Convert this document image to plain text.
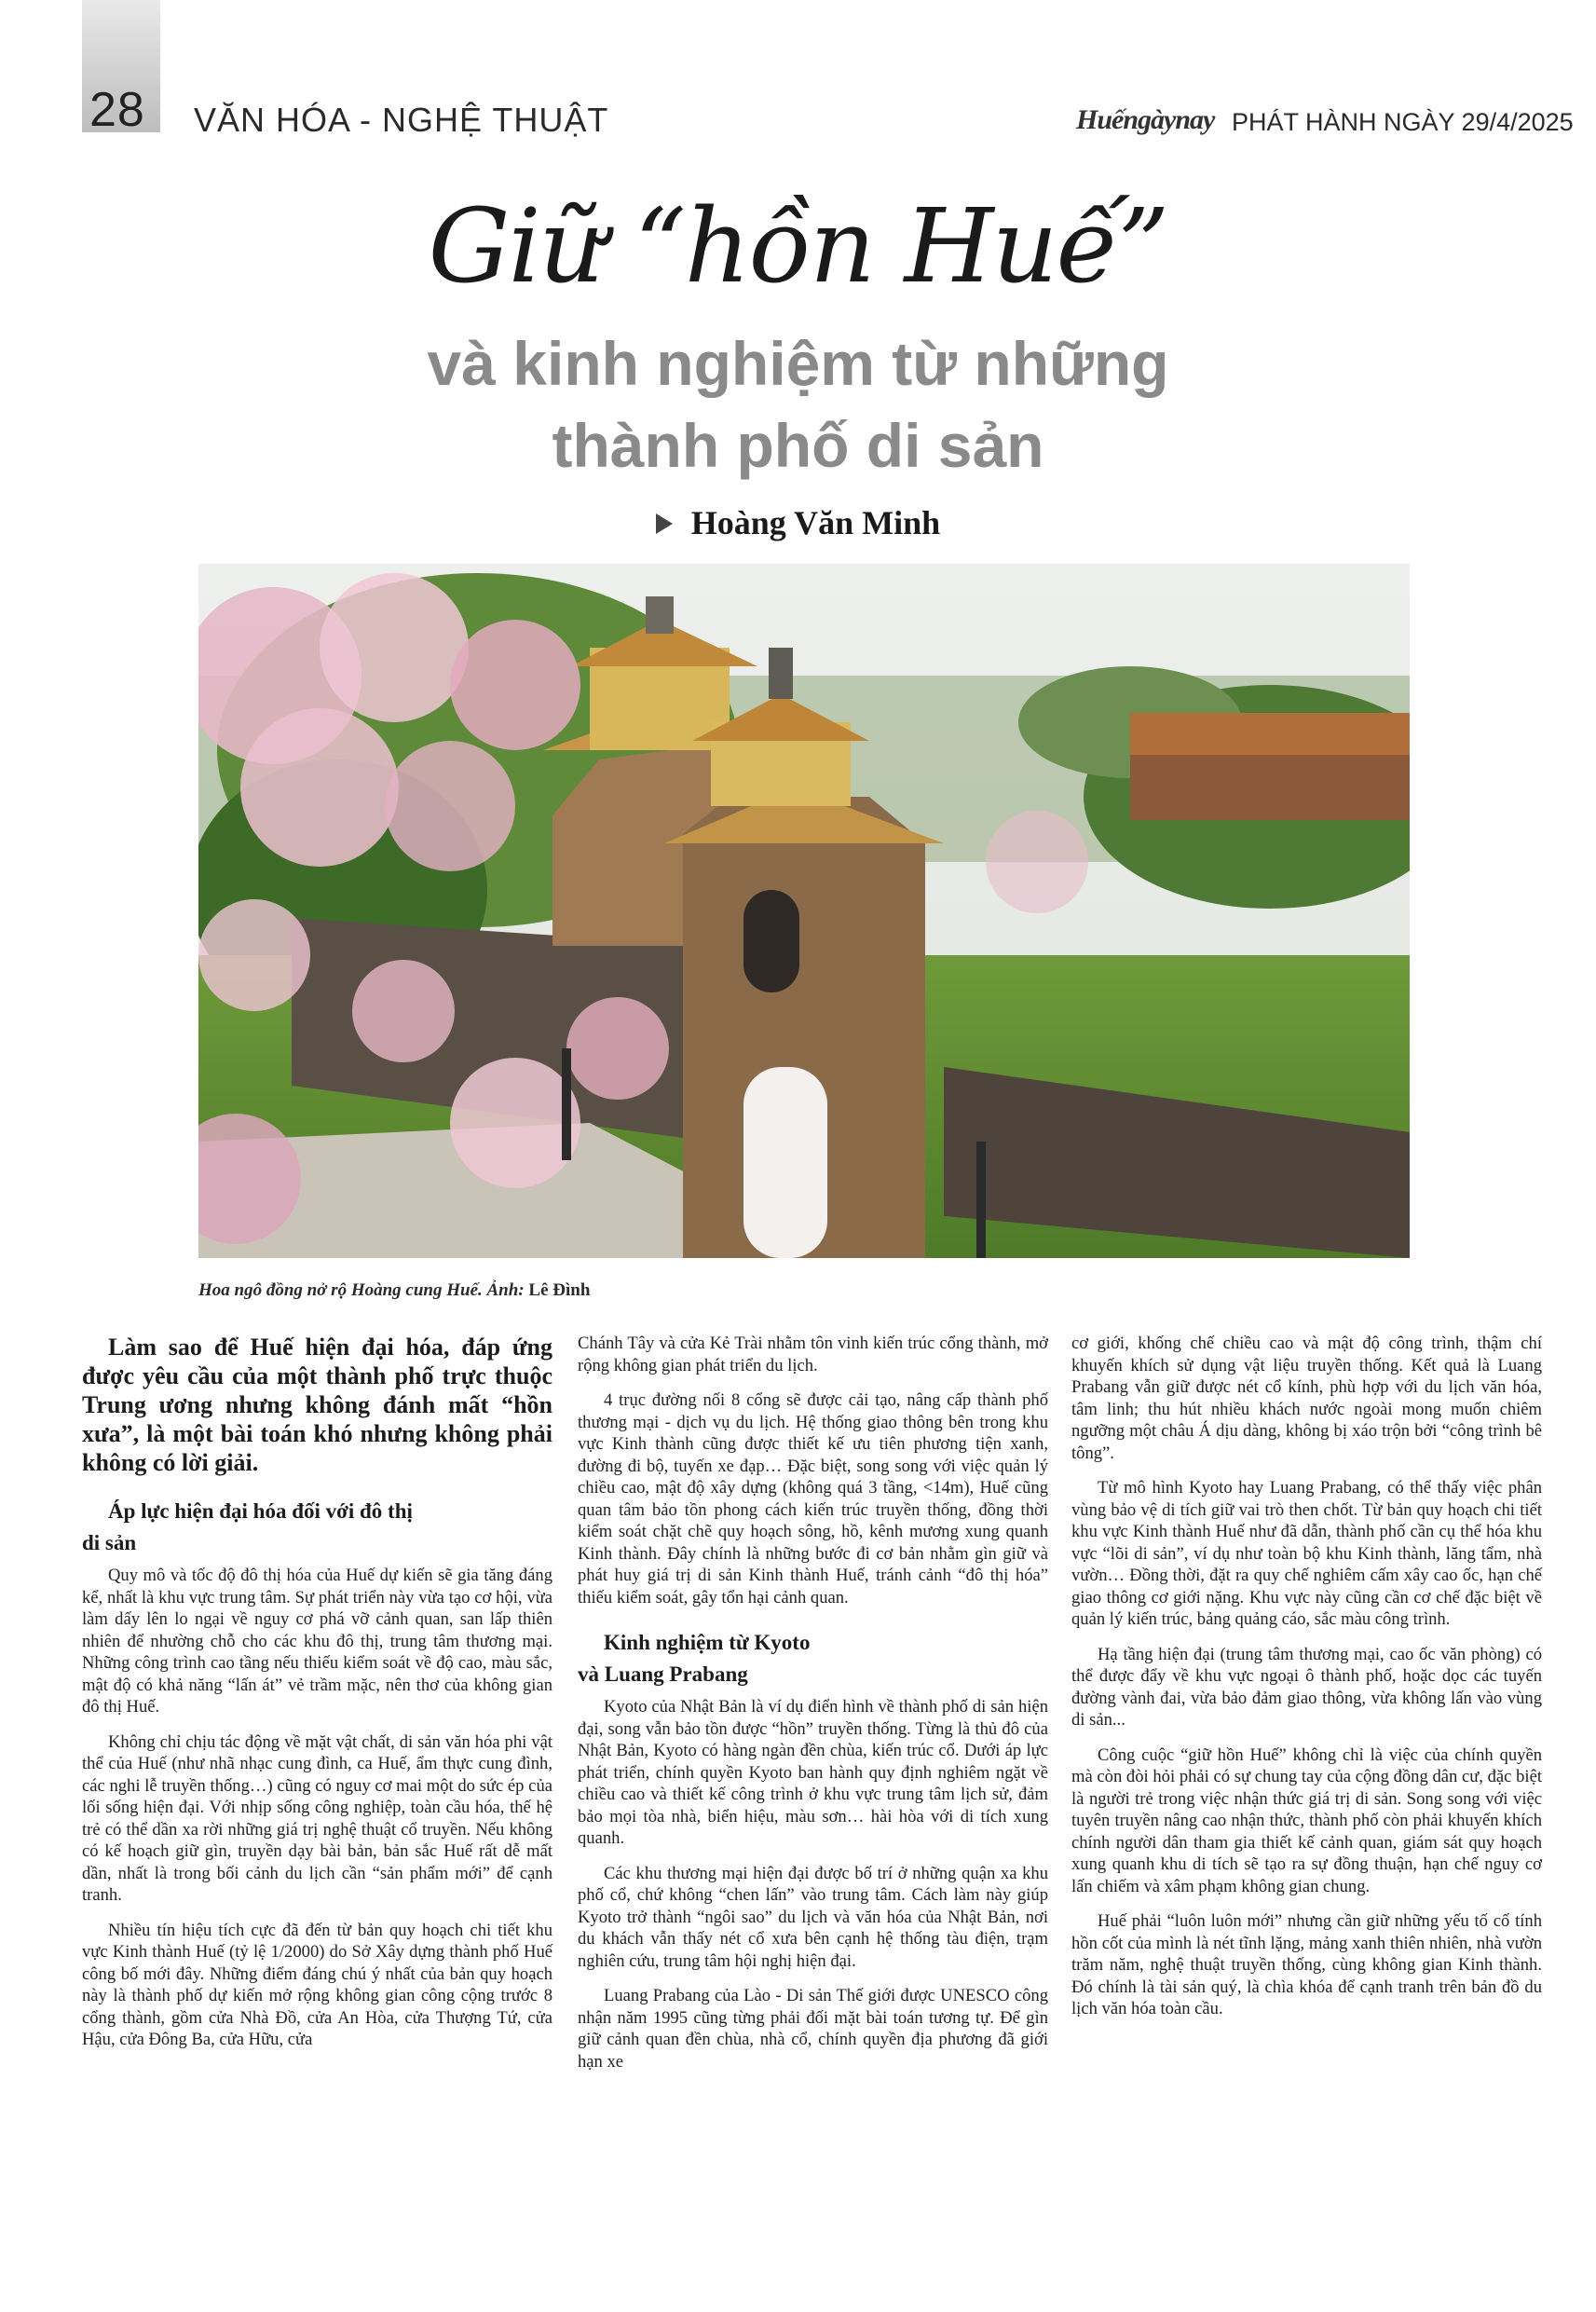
28 VĂN HÓA - NGHỆ THUẬT	Huếngàynay PHÁT HÀNH NGÀY 29/4/2025
Giữ “hồn Huế”
và kinh nghiệm từ những
thành phố di sản
Hoàng Văn Minh
Hoa ngô đồng nở rộ Hoàng cung Huế. Ảnh: Lê Đình

Làm sao để Huế hiện đại hóa, đáp ứng được yêu cầu của một thành phố trực thuộc Trung ương nhưng không đánh mất “hồn xưa”, là một bài toán khó nhưng không phải không có lời giải.

Áp lực hiện đại hóa đối với đô thị
di sản

Quy mô và tốc độ đô thị hóa của Huế dự kiến sẽ gia tăng đáng kể, nhất là khu vực trung tâm. Sự phát triển này vừa tạo cơ hội, vừa làm dấy lên lo ngại về nguy cơ phá vỡ cảnh quan, san lấp thiên nhiên để nhường chỗ cho các khu đô thị, trung tâm thương mại. Những công trình cao tầng nếu thiếu kiểm soát về độ cao, màu sắc, mật độ có khả năng “lấn át” vẻ trầm mặc, nên thơ của không gian đô thị Huế.

Không chỉ chịu tác động về mặt vật chất, di sản văn hóa phi vật thể của Huế (như nhã nhạc cung đình, ca Huế, ẩm thực cung đình, các nghi lễ truyền thống…) cũng có nguy cơ mai một do sức ép của lối sống hiện đại. Với nhịp sống công nghiệp, toàn cầu hóa, thế hệ trẻ có thể dần xa rời những giá trị nghệ thuật cổ truyền. Nếu không có kế hoạch giữ gìn, truyền dạy bài bản, bản sắc Huế rất dễ mất dần, nhất là trong bối cảnh du lịch cần “sản phẩm mới” để cạnh tranh.

Nhiều tín hiệu tích cực đã đến từ bản quy hoạch chi tiết khu vực Kinh thành Huế (tỷ lệ 1/2000) do Sở Xây dựng thành phố Huế công bố mới đây. Những điểm đáng chú ý nhất của bản quy hoạch này là thành phố dự kiến mở rộng không gian công cộng trước 8 cổng thành, gồm cửa Nhà Đồ, cửa An Hòa, cửa Thượng Tứ, cửa Hậu, cửa Đông Ba, cửa Hữu, cửa

Chánh Tây và cửa Kẻ Trài nhằm tôn vinh kiến trúc cổng thành, mở rộng không gian phát triển du lịch.

4 trục đường nối 8 cổng sẽ được cải tạo, nâng cấp thành phố thương mại - dịch vụ du lịch. Hệ thống giao thông bên trong khu vực Kinh thành cũng được thiết kế ưu tiên phương tiện xanh, đường đi bộ, tuyến xe đạp… Đặc biệt, song song với việc quản lý chiều cao, mật độ xây dựng (không quá 3 tầng, <14m), Huế cũng quan tâm bảo tồn phong cách kiến trúc truyền thống, đồng thời kiểm soát chặt chẽ quy hoạch sông, hồ, kênh mương xung quanh Kinh thành. Đây chính là những bước đi cơ bản nhằm gìn giữ và phát huy giá trị di sản Kinh thành Huế, tránh cảnh “đô thị hóa” thiếu kiểm soát, gây tổn hại cảnh quan.

Kinh nghiệm từ Kyoto
và Luang Prabang

Kyoto của Nhật Bản là ví dụ điển hình về thành phố di sản hiện đại, song vẫn bảo tồn được “hồn” truyền thống. Từng là thủ đô của Nhật Bản, Kyoto có hàng ngàn đền chùa, kiến trúc cổ. Dưới áp lực phát triển, chính quyền Kyoto ban hành quy định nghiêm ngặt về chiều cao và thiết kế công trình ở khu vực trung tâm lịch sử, đảm bảo mọi tòa nhà, biển hiệu, màu sơn… hài hòa với di tích xung quanh.

Các khu thương mại hiện đại được bố trí ở những quận xa khu phố cổ, chứ không “chen lấn” vào trung tâm. Cách làm này giúp Kyoto trở thành “ngôi sao” du lịch và văn hóa của Nhật Bản, nơi du khách vẫn thấy nét cổ xưa bên cạnh hệ thống tàu điện, trạm nghiên cứu, trung tâm hội nghị hiện đại.

Luang Prabang của Lào - Di sản Thế giới được UNESCO công nhận năm 1995 cũng từng phải đối mặt bài toán tương tự. Để gìn giữ cảnh quan đền chùa, nhà cổ, chính quyền địa phương đã giới hạn xe

cơ giới, khống chế chiều cao và mật độ công trình, thậm chí khuyến khích sử dụng vật liệu truyền thống. Kết quả là Luang Prabang vẫn giữ được nét cổ kính, phù hợp với du lịch văn hóa, tâm linh; thu hút nhiều khách nước ngoài mong muốn chiêm ngưỡng một châu Á dịu dàng, không bị xáo trộn bởi “công trình bê tông”.

Từ mô hình Kyoto hay Luang Prabang, có thể thấy việc phân vùng bảo vệ di tích giữ vai trò then chốt. Từ bản quy hoạch chi tiết khu vực Kinh thành Huế như đã dẫn, thành phố cần cụ thể hóa khu vực “lõi di sản”, ví dụ như toàn bộ khu Kinh thành, lăng tẩm, nhà vườn… Đồng thời, đặt ra quy chế nghiêm cấm xây cao ốc, hạn chế giao thông cơ giới nặng. Khu vực này cũng cần cơ chế đặc biệt về quản lý kiến trúc, bảng quảng cáo, sắc màu công trình.

Hạ tầng hiện đại (trung tâm thương mại, cao ốc văn phòng) có thể được đẩy về khu vực ngoại ô thành phố, hoặc dọc các tuyến đường vành đai, vừa bảo đảm giao thông, vừa không lấn vào vùng di sản...

Công cuộc “giữ hồn Huế” không chỉ là việc của chính quyền mà còn đòi hỏi phải có sự chung tay của cộng đồng dân cư, đặc biệt là người trẻ trong việc nhận thức giá trị di sản. Song song với việc tuyên truyền nâng cao nhận thức, thành phố còn phải khuyến khích chính người dân tham gia thiết kế cảnh quan, giám sát quy hoạch xung quanh khu di tích sẽ tạo ra sự đồng thuận, hạn chế nguy cơ lấn chiếm và xâm phạm không gian chung.

Huế phải “luôn luôn mới” nhưng cần giữ những yếu tố cố tính hồn cốt của mình là nét tĩnh lặng, mảng xanh thiên nhiên, nhà vườn trăm năm, nghệ thuật truyền thống, cùng không gian Kinh thành. Đó chính là tài sản quý, là chìa khóa để cạnh tranh trên bản đồ du lịch văn hóa toàn cầu.
